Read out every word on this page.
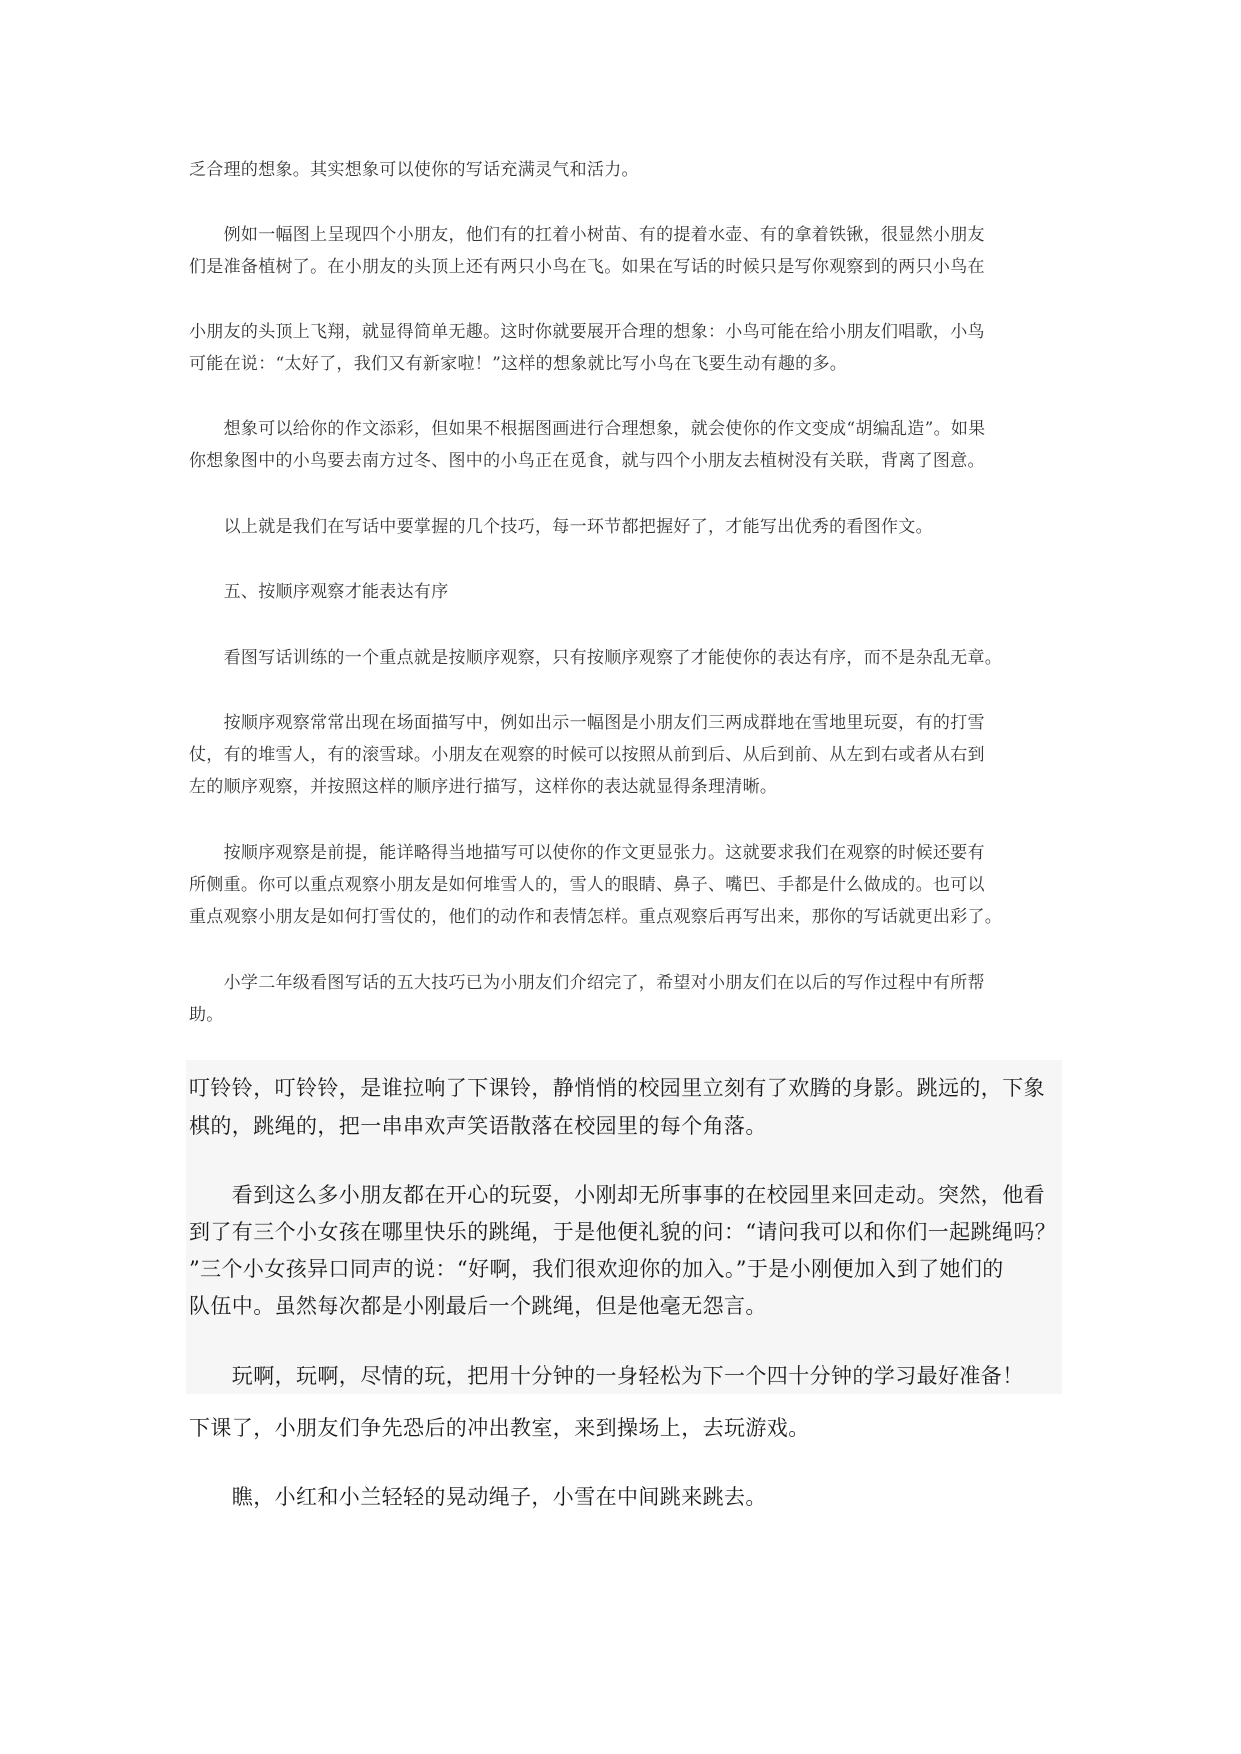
乏合理的想象。其实想象可以使你的写话充满灵气和活力。
　　例如一幅图上呈现四个小朋友，他们有的扛着小树苗、有的提着水壶、有的拿着铁锹，很显然小朋友
们是准备植树了。在小朋友的头顶上还有两只小鸟在飞。如果在写话的时候只是写你观察到的两只小鸟在
小朋友的头顶上飞翔，就显得简单无趣。这时你就要展开合理的想象：小鸟可能在给小朋友们唱歌，小鸟
可能在说：“太好了，我们又有新家啦！”这样的想象就比写小鸟在飞要生动有趣的多。
　　想象可以给你的作文添彩，但如果不根据图画进行合理想象，就会使你的作文变成“胡编乱造”。如果
你想象图中的小鸟要去南方过冬、图中的小鸟正在觅食，就与四个小朋友去植树没有关联，背离了图意。
　　以上就是我们在写话中要掌握的几个技巧，每一环节都把握好了，才能写出优秀的看图作文。
　　五、按顺序观察才能表达有序
　　看图写话训练的一个重点就是按顺序观察，只有按顺序观察了才能使你的表达有序，而不是杂乱无章。
　　按顺序观察常常出现在场面描写中，例如出示一幅图是小朋友们三两成群地在雪地里玩耍，有的打雪
仗，有的堆雪人，有的滚雪球。小朋友在观察的时候可以按照从前到后、从后到前、从左到右或者从右到
左的顺序观察，并按照这样的顺序进行描写，这样你的表达就显得条理清晰。
　　按顺序观察是前提，能详略得当地描写可以使你的作文更显张力。这就要求我们在观察的时候还要有
所侧重。你可以重点观察小朋友是如何堆雪人的，雪人的眼睛、鼻子、嘴巴、手都是什么做成的。也可以
重点观察小朋友是如何打雪仗的，他们的动作和表情怎样。重点观察后再写出来，那你的写话就更出彩了。
　　小学二年级看图写话的五大技巧已为小朋友们介绍完了，希望对小朋友们在以后的写作过程中有所帮
助。
叮铃铃，叮铃铃，是谁拉响了下课铃，静悄悄的校园里立刻有了欢腾的身影。跳远的，下象
棋的，跳绳的，把一串串欢声笑语散落在校园里的每个角落。
　　看到这么多小朋友都在开心的玩耍，小刚却无所事事的在校园里来回走动。突然，他看
到了有三个小女孩在哪里快乐的跳绳，于是他便礼貌的问：“请问我可以和你们一起跳绳吗？
”三个小女孩异口同声的说：“好啊，我们很欢迎你的加入。”于是小刚便加入到了她们的
队伍中。虽然每次都是小刚最后一个跳绳，但是他毫无怨言。
　　玩啊，玩啊，尽情的玩，把用十分钟的一身轻松为下一个四十分钟的学习最好准备！
下课了，小朋友们争先恐后的冲出教室，来到操场上，去玩游戏。
　　瞧，小红和小兰轻轻的晃动绳子，小雪在中间跳来跳去。
